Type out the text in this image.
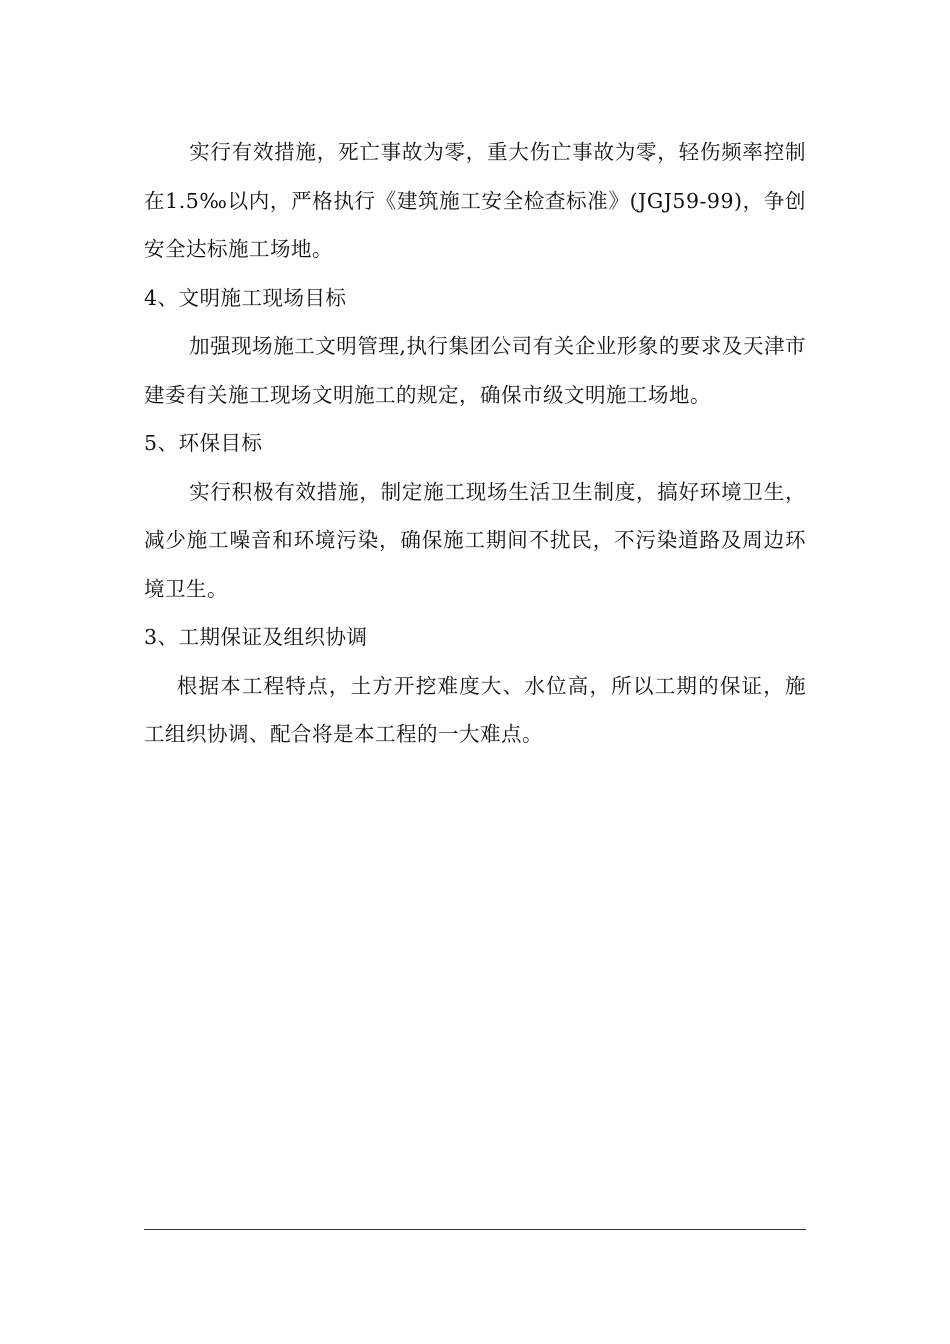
实行有效措施，死亡事故为零，重大伤亡事故为零，轻伤频率控制在1.5‰以内，严格执行《建筑施工安全检查标准》(JGJ59-99)，争创安全达标施工场地。

4、文明施工现场目标

加强现场施工文明管理,执行集团公司有关企业形象的要求及天津市建委有关施工现场文明施工的规定，确保市级文明施工场地。

5、环保目标

实行积极有效措施，制定施工现场生活卫生制度，搞好环境卫生，减少施工噪音和环境污染，确保施工期间不扰民，不污染道路及周边环境卫生。

3、工期保证及组织协调

根据本工程特点，土方开挖难度大、水位高，所以工期的保证，施工组织协调、配合将是本工程的一大难点。
